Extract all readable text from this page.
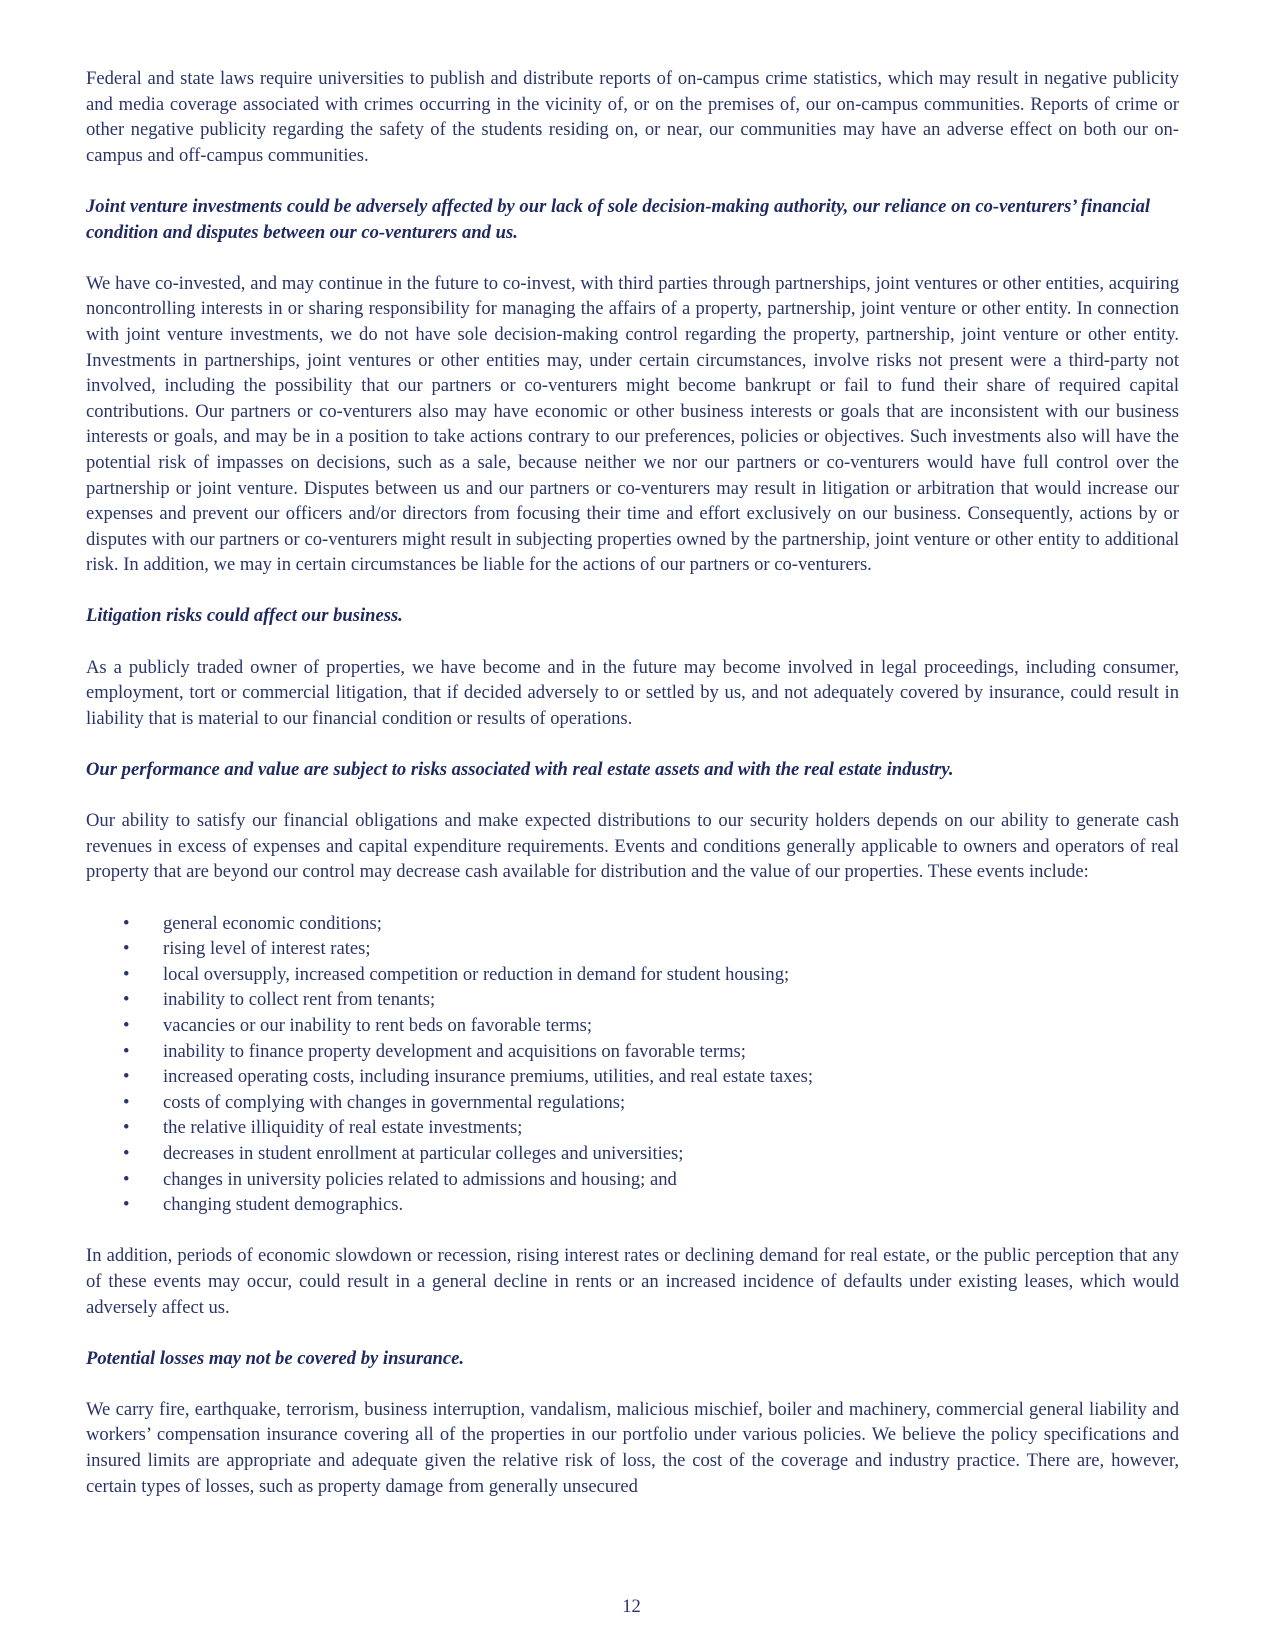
Federal and state laws require universities to publish and distribute reports of on-campus crime statistics, which may result in negative publicity and media coverage associated with crimes occurring in the vicinity of, or on the premises of, our on-campus communities. Reports of crime or other negative publicity regarding the safety of the students residing on, or near, our communities may have an adverse effect on both our on-campus and off-campus communities.

Joint venture investments could be adversely affected by our lack of sole decision-making authority, our reliance on co-venturers’ financial condition and disputes between our co-venturers and us.

We have co-invested, and may continue in the future to co-invest, with third parties through partnerships, joint ventures or other entities, acquiring noncontrolling interests in or sharing responsibility for managing the affairs of a property, partnership, joint venture or other entity. In connection with joint venture investments, we do not have sole decision-making control regarding the property, partnership, joint venture or other entity. Investments in partnerships, joint ventures or other entities may, under certain circumstances, involve risks not present were a third-party not involved, including the possibility that our partners or co-venturers might become bankrupt or fail to fund their share of required capital contributions. Our partners or co-venturers also may have economic or other business interests or goals that are inconsistent with our business interests or goals, and may be in a position to take actions contrary to our preferences, policies or objectives. Such investments also will have the potential risk of impasses on decisions, such as a sale, because neither we nor our partners or co-venturers would have full control over the partnership or joint venture. Disputes between us and our partners or co-venturers may result in litigation or arbitration that would increase our expenses and prevent our officers and/or directors from focusing their time and effort exclusively on our business. Consequently, actions by or disputes with our partners or co-venturers might result in subjecting properties owned by the partnership, joint venture or other entity to additional risk. In addition, we may in certain circumstances be liable for the actions of our partners or co-venturers.

Litigation risks could affect our business.

As a publicly traded owner of properties, we have become and in the future may become involved in legal proceedings, including consumer, employment, tort or commercial litigation, that if decided adversely to or settled by us, and not adequately covered by insurance, could result in liability that is material to our financial condition or results of operations.

Our performance and value are subject to risks associated with real estate assets and with the real estate industry.

Our ability to satisfy our financial obligations and make expected distributions to our security holders depends on our ability to generate cash revenues in excess of expenses and capital expenditure requirements. Events and conditions generally applicable to owners and operators of real property that are beyond our control may decrease cash available for distribution and the value of our properties. These events include:

• general economic conditions;
• rising level of interest rates;
• local oversupply, increased competition or reduction in demand for student housing;
• inability to collect rent from tenants;
• vacancies or our inability to rent beds on favorable terms;
• inability to finance property development and acquisitions on favorable terms;
• increased operating costs, including insurance premiums, utilities, and real estate taxes;
• costs of complying with changes in governmental regulations;
• the relative illiquidity of real estate investments;
• decreases in student enrollment at particular colleges and universities;
• changes in university policies related to admissions and housing; and
• changing student demographics.

In addition, periods of economic slowdown or recession, rising interest rates or declining demand for real estate, or the public perception that any of these events may occur, could result in a general decline in rents or an increased incidence of defaults under existing leases, which would adversely affect us.

Potential losses may not be covered by insurance.

We carry fire, earthquake, terrorism, business interruption, vandalism, malicious mischief, boiler and machinery, commercial general liability and workers’ compensation insurance covering all of the properties in our portfolio under various policies. We believe the policy specifications and insured limits are appropriate and adequate given the relative risk of loss, the cost of the coverage and industry practice. There are, however, certain types of losses, such as property damage from generally unsecured

12
